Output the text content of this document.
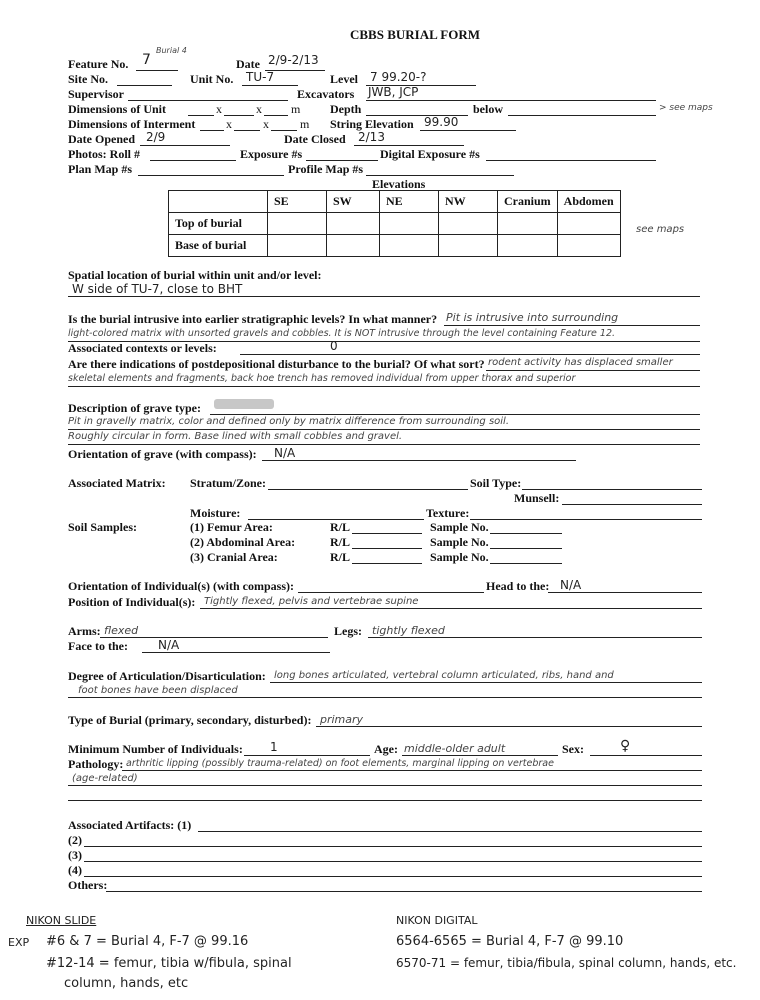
CBBS BURIAL FORM
Feature No. 7
Burial 4
Date 2/9-2/13
Site No.	Unit No. TU-7	Level 7 99.20-?
Supervisor	Excavators JWB, JCP
Dimensions of Unit	x	x m Depth	below	> see maps
Dimensions of Interment	x	x	m String Elevation 99.90
Date Opened 2/9	Date Closed 2/13
Photos: Roll #	Exposure #s	Digital Exposure #s
Plan Map #s	Profile Map #s
Elevations
	SE	SW	NE	NW	Cranium	Abdomen
Top of burial						
Base of burial						
see maps
Spatial location of burial within unit and/or level:
W side of TU-7, close to BHT
Is the burial intrusive into earlier stratigraphic levels? In what manner? Pit is intrusive into surrounding
light-colored matrix with unsorted gravels and cobbles. It is NOT intrusive through the level containing Feature 12.
Associated contexts or levels:	0
Are there indications of postdepositional disturbance to the burial? Of what sort? rodent activity has displaced smaller
skeletal elements and fragments, back hoe trench has removed individual from upper thorax and superior
Description of grave type:
Pit in gravelly matrix, color and defined only by matrix difference from surrounding soil.
Roughly circular in form. Base lined with small cobbles and gravel.
Orientation of grave (with compass): N/A
Associated Matrix: Stratum/Zone:	Soil Type:
Munsell:
Moisture:	Texture:
Soil Samples:	(1) Femur Area:	R/L	Sample No.
(2) Abdominal Area:	R/L	Sample No.
(3) Cranial Area:	R/L	Sample No.
Orientation of Individual(s) (with compass):	Head to the: N/A
Position of Individual(s): Tightly flexed, pelvis and vertebrae supine
Arms: flexed	Legs: tightly flexed
Face to the:	N/A
Degree of Articulation/Disarticulation: long bones articulated, vertebral column articulated, ribs, hand and
foot bones have been displaced
Type of Burial (primary, secondary, disturbed): primary
Minimum Number of Individuals: 1	Age: middle-older adult	Sex:	♀
Pathology: arthritic lipping (possibly trauma-related) on foot elements, marginal lipping on vertebrae
(age-related)
Associated Artifacts: (1)
(2)
(3)
(4)
Others:
NIKON SLIDE
EXP #6 & 7 = Burial 4, F-7 @ 99.16
#12-14 = femur, tibia w/fibula, spinal
column, hands, etc
NIKON DIGITAL
6564-6565 = Burial 4, F-7 @ 99.10
6570-71 = femur, tibia/fibula, spinal column, hands, etc.
